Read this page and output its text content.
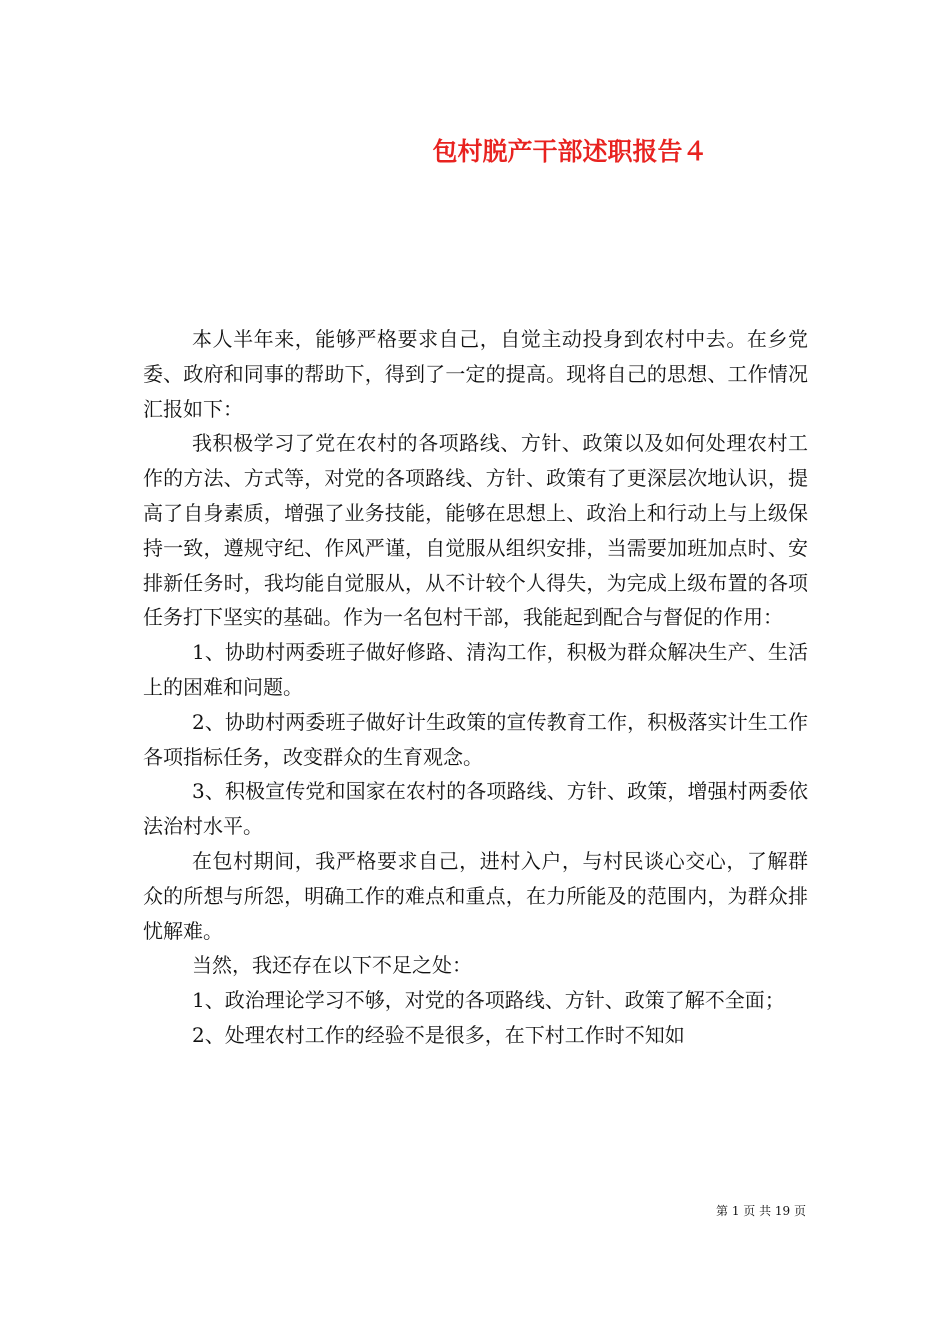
包村脱产干部述职报告４

本人半年来，能够严格要求自己，自觉主动投身到农村中去。在乡党委、政府和同事的帮助下，得到了一定的提高。现将自己的思想、工作情况汇报如下：

我积极学习了党在农村的各项路线、方针、政策以及如何处理农村工作的方法、方式等，对党的各项路线、方针、政策有了更深层次地认识，提高了自身素质，增强了业务技能，能够在思想上、政治上和行动上与上级保持一致，遵规守纪、作风严谨，自觉服从组织安排，当需要加班加点时、安排新任务时，我均能自觉服从，从不计较个人得失，为完成上级布置的各项任务打下坚实的基础。作为一名包村干部，我能起到配合与督促的作用：

1、协助村两委班子做好修路、清沟工作，积极为群众解决生产、生活上的困难和问题。

2、协助村两委班子做好计生政策的宣传教育工作，积极落实计生工作各项指标任务，改变群众的生育观念。

3、积极宣传党和国家在农村的各项路线、方针、政策，增强村两委依法治村水平。

在包村期间，我严格要求自己，进村入户，与村民谈心交心，了解群众的所想与所怨，明确工作的难点和重点，在力所能及的范围内，为群众排忧解难。

当然，我还存在以下不足之处：

1、政治理论学习不够，对党的各项路线、方针、政策了解不全面；

2、处理农村工作的经验不是很多，在下村工作时不知如

第 1 页 共 19 页
